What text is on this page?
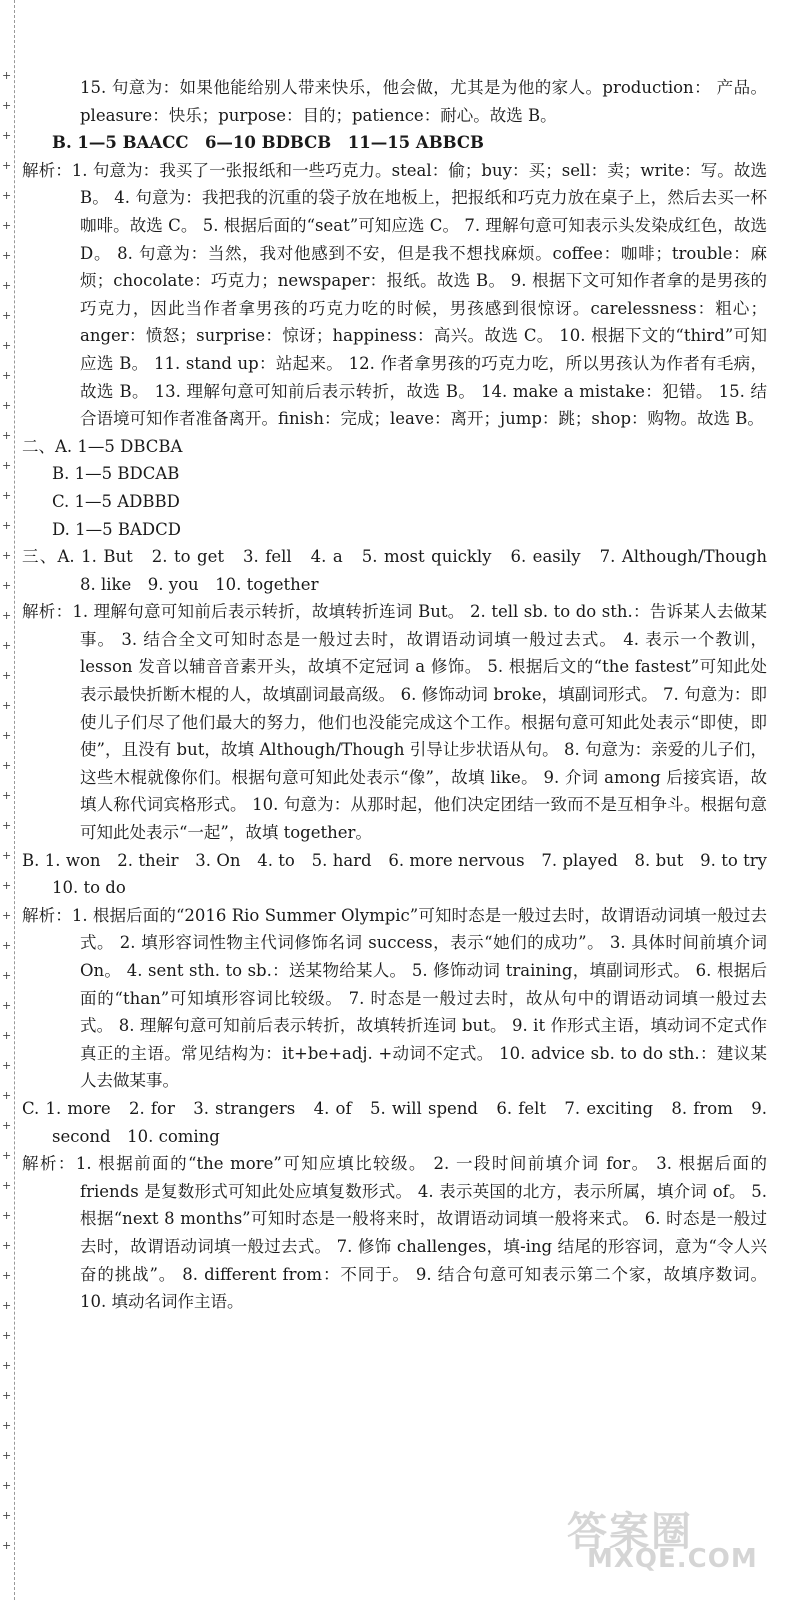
+
+
+
+
+
+
+
+
+
+
+
+
+
+
+
+
+
+
+
+
+
+
+
+
+
+
+
+
+
+
+
+
+
+
+
+
+
+
+
+
+
+
+
+
+
+
+
+
+
+

15. 句意为：如果他能给别人带来快乐，他会做，尤其是为他的家人。production： 产品。pleasure：快乐；purpose：目的；patience：耐心。故选 B。

B. 1—5 BAACC　6—10 BDBCB　11—15 ABBCB

解析：1. 句意为：我买了一张报纸和一些巧克力。steal：偷；buy：买；sell：卖；write：写。故选 B。 4. 句意为：我把我的沉重的袋子放在地板上，把报纸和巧克力放在桌子上，然后去买一杯咖啡。故选 C。 5. 根据后面的“seat”可知应选 C。 7. 理解句意可知表示头发染成红色，故选 D。 8. 句意为：当然，我对他感到不安，但是我不想找麻烦。coffee：咖啡；trouble：麻烦；chocolate：巧克力；newspaper：报纸。故选 B。 9. 根据下文可知作者拿的是男孩的巧克力，因此当作者拿男孩的巧克力吃的时候，男孩感到很惊讶。carelessness：粗心；anger：愤怒；surprise：惊讶；happiness：高兴。故选 C。 10. 根据下文的“third”可知应选 B。 11. stand up：站起来。 12. 作者拿男孩的巧克力吃，所以男孩认为作者有毛病，故选 B。 13. 理解句意可知前后表示转折，故选 B。 14. make a mistake：犯错。 15. 结合语境可知作者准备离开。finish：完成；leave：离开；jump：跳；shop：购物。故选 B。

二、A. 1—5 DBCBA

B. 1—5 BDCAB

C. 1—5 ADBBD

D. 1—5 BADCD

三、A. 1. But　2. to get　3. fell　4. a　5. most quickly　6. easily　7. Although/Though　8. like　9. you　10. together

解析：1. 理解句意可知前后表示转折，故填转折连词 But。 2. tell sb. to do sth.：告诉某人去做某事。 3. 结合全文可知时态是一般过去时，故谓语动词填一般过去式。 4. 表示一个教训，lesson 发音以辅音音素开头，故填不定冠词 a 修饰。 5. 根据后文的“the fastest”可知此处表示最快折断木棍的人，故填副词最高级。 6. 修饰动词 broke，填副词形式。 7. 句意为：即使儿子们尽了他们最大的努力，他们也没能完成这个工作。根据句意可知此处表示“即使，即使”，且没有 but，故填 Although/Though 引导让步状语从句。 8. 句意为：亲爱的儿子们，这些木棍就像你们。根据句意可知此处表示“像”，故填 like。 9. 介词 among 后接宾语，故填人称代词宾格形式。 10. 句意为：从那时起，他们决定团结一致而不是互相争斗。根据句意可知此处表示“一起”，故填 together。

B. 1. won　2. their　3. On　4. to　5. hard　6. more nervous　7. played　8. but　9. to try　10. to do

解析：1. 根据后面的“2016 Rio Summer Olympic”可知时态是一般过去时，故谓语动词填一般过去式。 2. 填形容词性物主代词修饰名词 success，表示“她们的成功”。 3. 具体时间前填介词 On。 4. sent sth. to sb.：送某物给某人。 5. 修饰动词 training，填副词形式。 6. 根据后面的“than”可知填形容词比较级。 7. 时态是一般过去时，故从句中的谓语动词填一般过去式。 8. 理解句意可知前后表示转折，故填转折连词 but。 9. it 作形式主语，填动词不定式作真正的主语。常见结构为：it+be+adj. +动词不定式。 10. advice sb. to do sth.：建议某人去做某事。

C. 1. more　2. for　3. strangers　4. of　5. will spend　6. felt　7. exciting　8. from　9. second　10. coming

解析：1. 根据前面的“the more”可知应填比较级。 2. 一段时间前填介词 for。 3. 根据后面的 friends 是复数形式可知此处应填复数形式。 4. 表示英国的北方，表示所属，填介词 of。 5. 根据“next 8 months”可知时态是一般将来时，故谓语动词填一般将来式。 6. 时态是一般过去时，故谓语动词填一般过去式。 7. 修饰 challenges，填-ing 结尾的形容词，意为“令人兴奋的挑战”。 8. different from：不同于。 9. 结合句意可知表示第二个家，故填序数词。 10. 填动名词作主语。

答案圈
MXQE.COM
